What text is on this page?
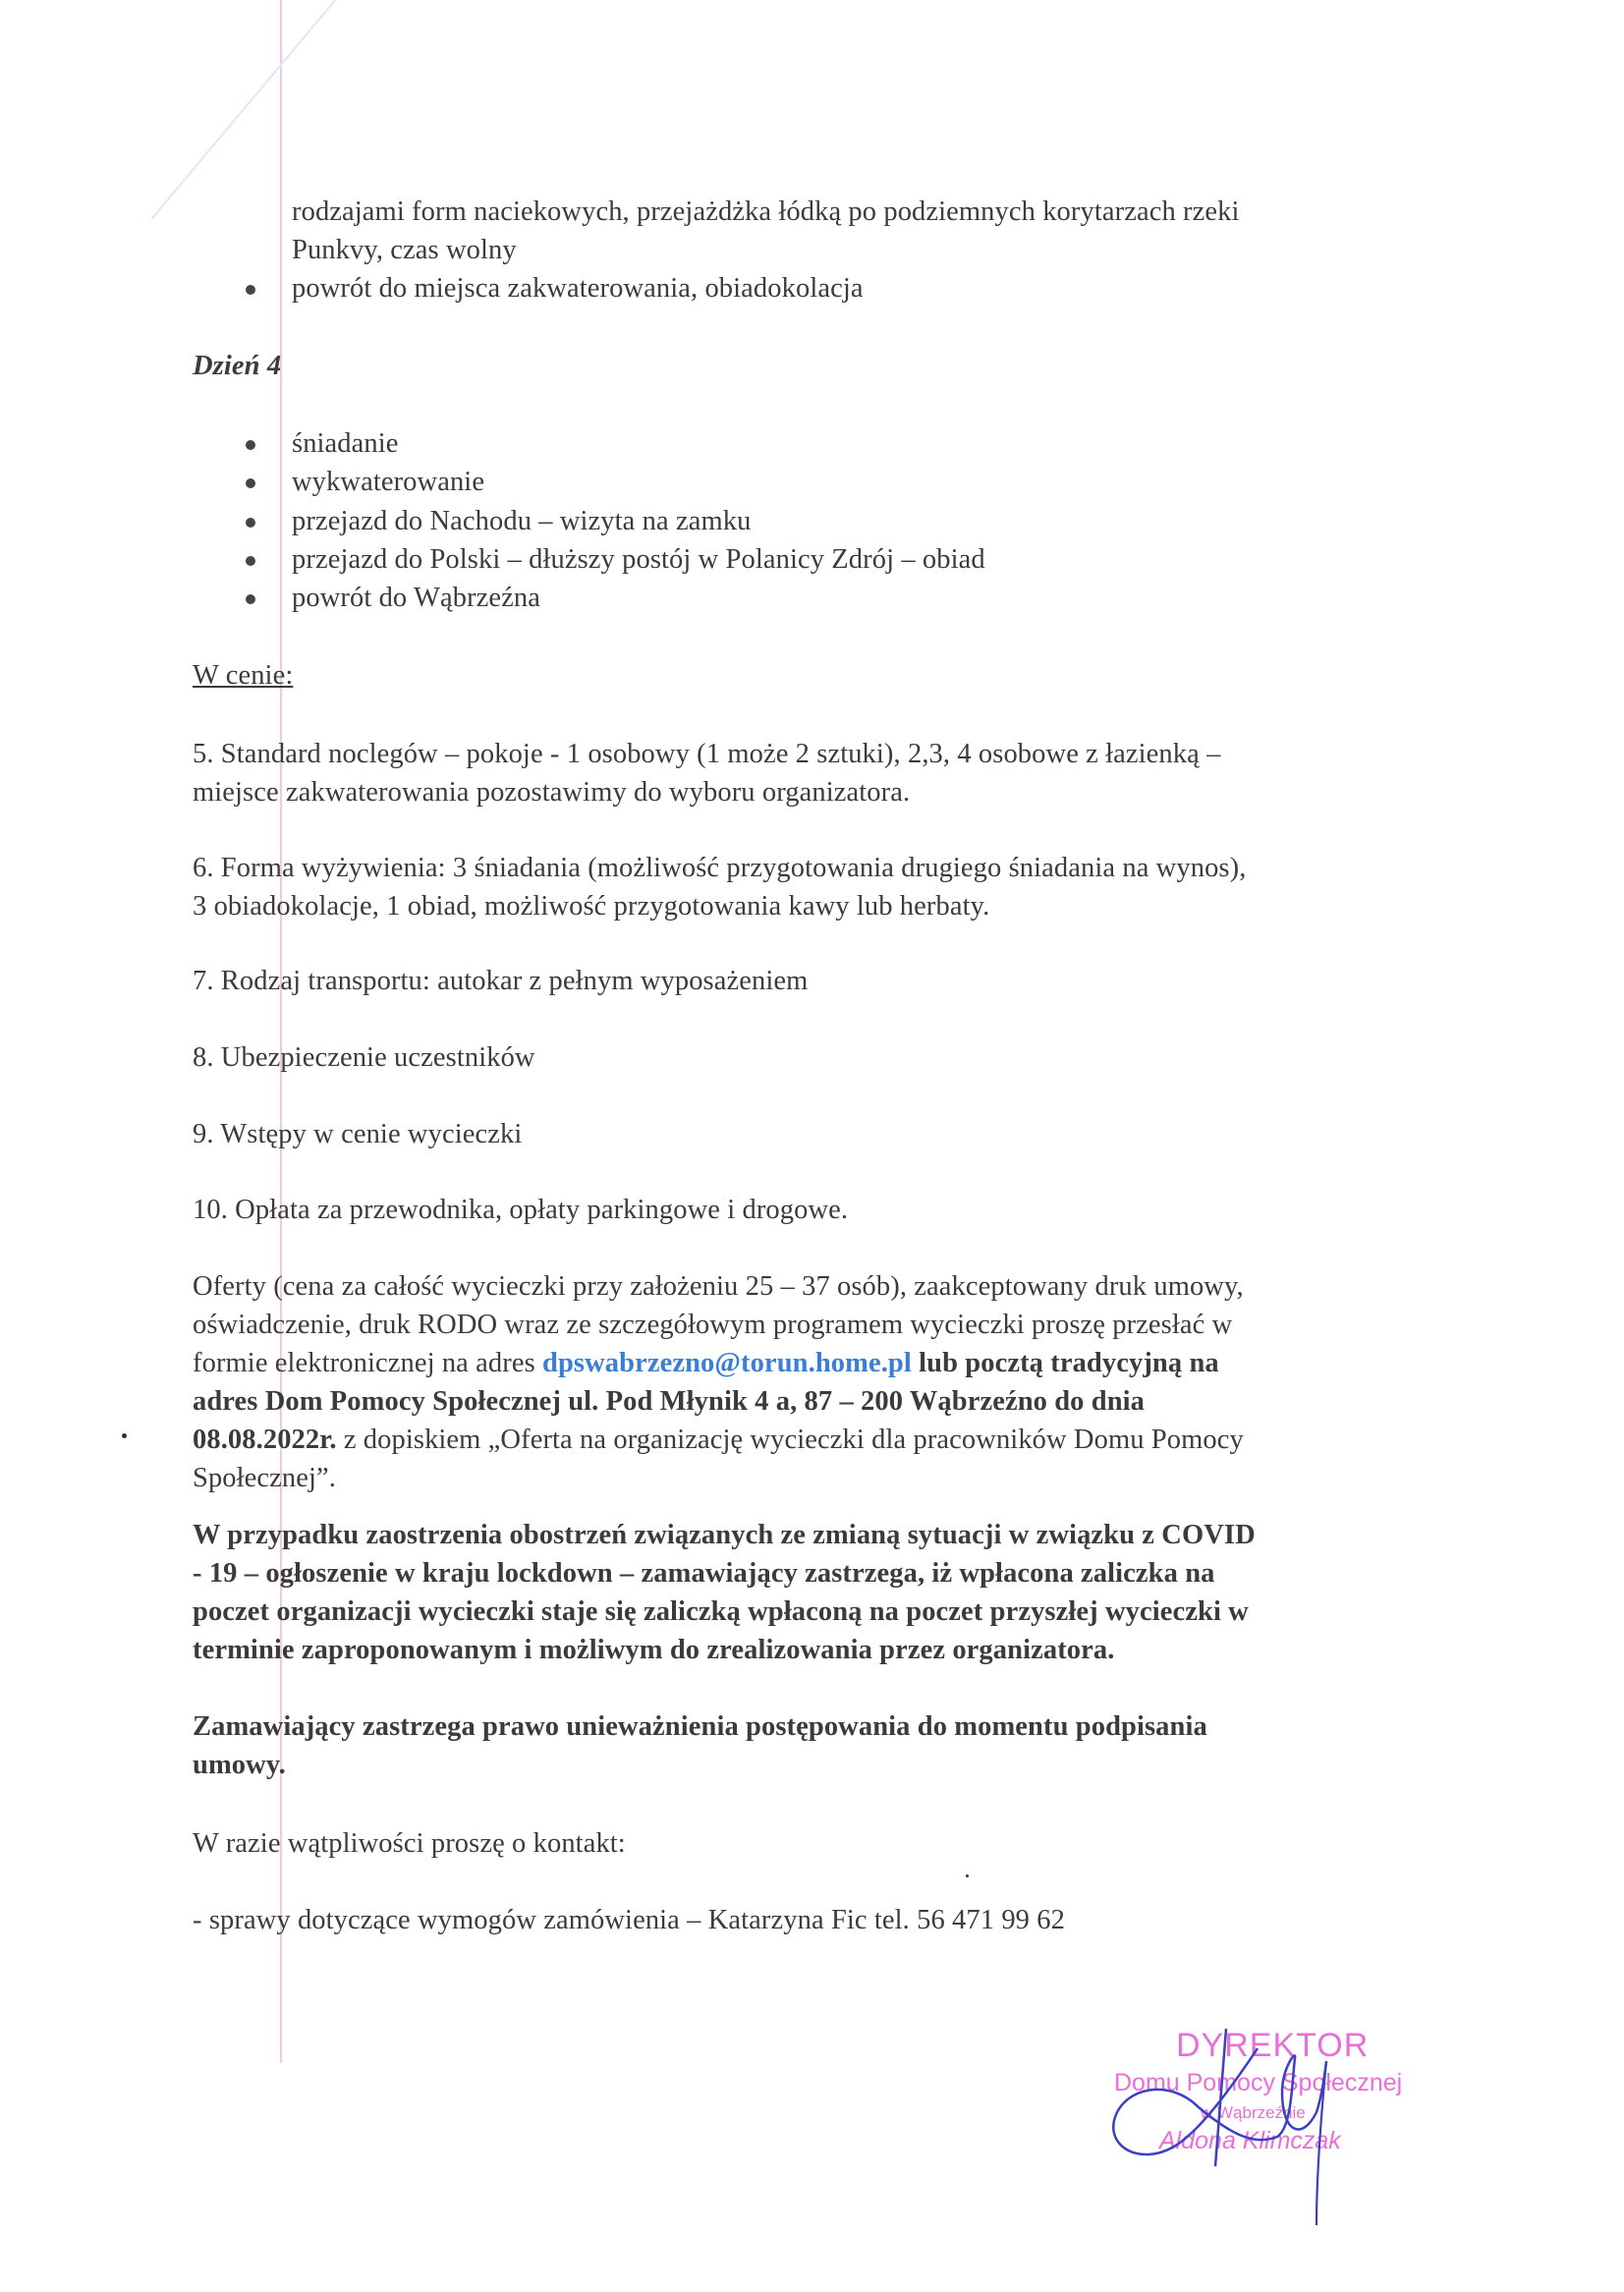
rodzajami form naciekowych, przejażdżka łódką po podziemnych korytarzach rzeki
Punkvy, czas wolny
powrót do miejsca zakwaterowania, obiadokolacja
Dzień 4
śniadanie
wykwaterowanie
przejazd do Nachodu – wizyta na zamku
przejazd do Polski – dłuższy postój w Polanicy Zdrój – obiad
powrót do Wąbrzeźna
W cenie:
5. Standard noclegów – pokoje - 1 osobowy (1 może 2 sztuki), 2,3, 4 osobowe z łazienką –
miejsce zakwaterowania pozostawimy do wyboru organizatora.
6. Forma wyżywienia: 3 śniadania (możliwość przygotowania drugiego śniadania na wynos),
3 obiadokolacje, 1 obiad, możliwość przygotowania kawy lub herbaty.
7. Rodzaj transportu: autokar z pełnym wyposażeniem
8. Ubezpieczenie uczestników
9. Wstępy w cenie wycieczki
10. Opłata za przewodnika, opłaty parkingowe i drogowe.
Oferty (cena za całość wycieczki przy założeniu 25 – 37 osób), zaakceptowany druk umowy,
oświadczenie, druk RODO wraz ze szczegółowym programem wycieczki proszę przesłać w
formie elektronicznej na adres dpswabrzezno@torun.home.pl lub pocztą tradycyjną na
adres Dom Pomocy Społecznej ul. Pod Młynik 4 a, 87 – 200 Wąbrzeźno do dnia
08.08.2022r. z dopiskiem „Oferta na organizację wycieczki dla pracowników Domu Pomocy
Społecznej”.
W przypadku zaostrzenia obostrzeń związanych ze zmianą sytuacji w związku z COVID
- 19 – ogłoszenie w kraju lockdown – zamawiający zastrzega, iż wpłacona zaliczka na
poczet organizacji wycieczki staje się zaliczką wpłaconą na poczet przyszłej wycieczki w
terminie zaproponowanym i możliwym do zrealizowania przez organizatora.
Zamawiający zastrzega prawo unieważnienia postępowania do momentu podpisania
umowy.
W razie wątpliwości proszę o kontakt:
- sprawy dotyczące wymogów zamówienia – Katarzyna Fic tel. 56 471 99 62
DYREKTOR
Domu Pomocy Społecznej
w Wąbrzeźnie
Aldona Klimczak
